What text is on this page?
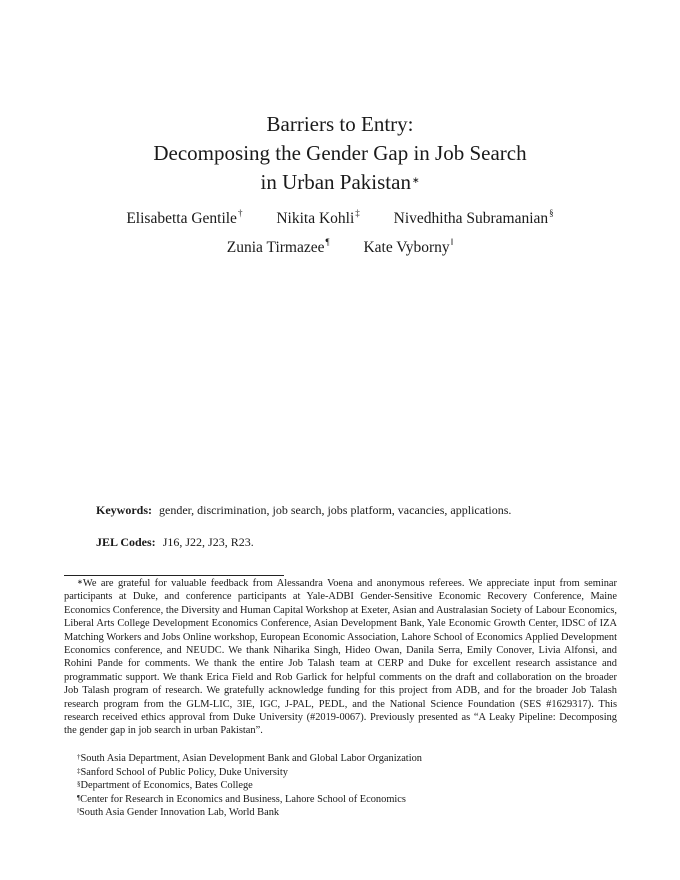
Barriers to Entry:
Decomposing the Gender Gap in Job Search
in Urban Pakistan∗
Elisabetta Gentile† Nikita Kohli‡ Nivedhitha Subramanian§
Zunia Tirmazee¶ Kate Vyborny‖
Keywords: gender, discrimination, job search, jobs platform, vacancies, applications.
JEL Codes: J16, J22, J23, R23.
∗We are grateful for valuable feedback from Alessandra Voena and anonymous referees. We appreciate input from seminar participants at Duke, and conference participants at Yale-ADBI Gender-Sensitive Economic Recovery Conference, Maine Economics Conference, the Diversity and Human Capital Workshop at Exeter, Asian and Australasian Society of Labour Economics, Liberal Arts College Development Economics Conference, Asian Development Bank, Yale Economic Growth Center, IDSC of IZA Matching Workers and Jobs Online workshop, European Economic Association, Lahore School of Economics Applied Development Economics conference, and NEUDC. We thank Niharika Singh, Hideo Owan, Danila Serra, Emily Conover, Livia Alfonsi, and Rohini Pande for comments. We thank the entire Job Talash team at CERP and Duke for excellent research assistance and programmatic support. We thank Erica Field and Rob Garlick for helpful comments on the draft and collaboration on the broader Job Talash program of research. We gratefully acknowledge funding for this project from ADB, and for the broader Job Talash research program from the GLM-LIC, 3IE, IGC, J-PAL, PEDL, and the National Science Foundation (SES #1629317). This research received ethics approval from Duke University (#2019-0067). Previously presented as “A Leaky Pipeline: Decomposing the gender gap in job search in urban Pakistan”.
†South Asia Department, Asian Development Bank and Global Labor Organization
‡Sanford School of Public Policy, Duke University
§Department of Economics, Bates College
¶Center for Research in Economics and Business, Lahore School of Economics
‖South Asia Gender Innovation Lab, World Bank
